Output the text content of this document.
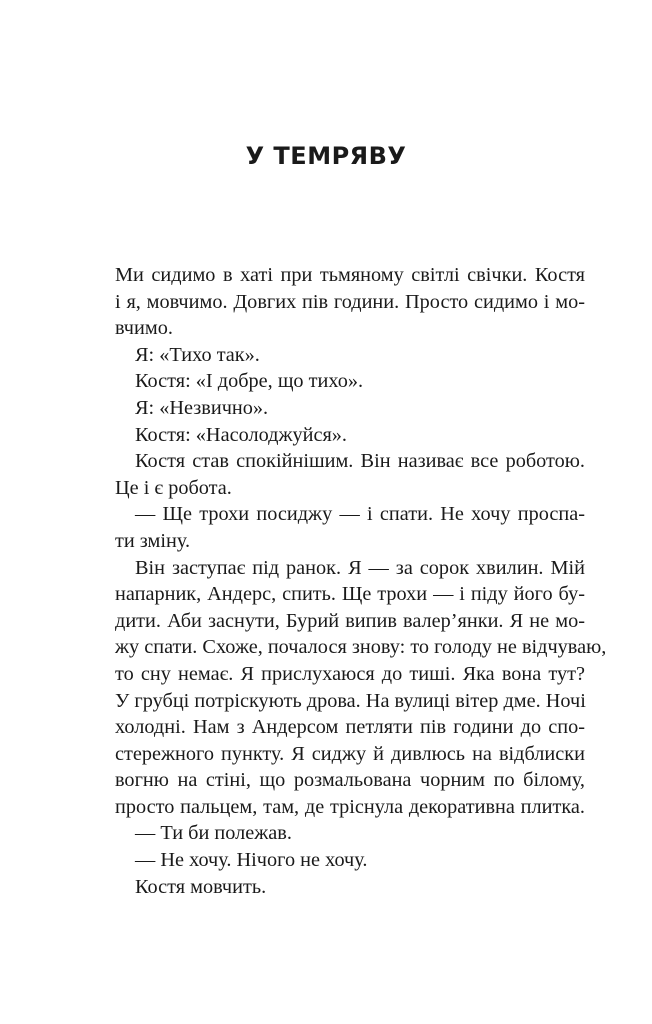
У ТЕМРЯВУ
Ми сидимо в хаті при тьмяному світлі свічки. Костя
і я, мовчимо. Довгих пів години. Просто сидимо і мо-
вчимо.
Я: «Тихо так».
Костя: «І добре, що тихо».
Я: «Незвично».
Костя: «Насолоджуйся».
Костя став спокійнішим. Він називає все роботою.
Це і є робота.
— Ще трохи посиджу — і спати. Не хочу проспа-
ти зміну.
Він заступає під ранок. Я — за сорок хвилин. Мій
напарник, Андерс, спить. Ще трохи — і піду його бу-
дити. Аби заснути, Бурий випив валер’янки. Я не мо-
жу спати. Схоже, почалося знову: то голоду не відчуваю,
то сну немає. Я прислухаюся до тиші. Яка вона тут?
У грубці потріскують дрова. На вулиці вітер дме. Ночі
холодні. Нам з Андерсом петляти пів години до спо-
стережного пункту. Я сиджу й дивлюсь на відблиски
вогню на стіні, що розмальована чорним по білому,
просто пальцем, там, де тріснула декоративна плитка.
— Ти би полежав.
— Не хочу. Нічого не хочу.
Костя мовчить.
